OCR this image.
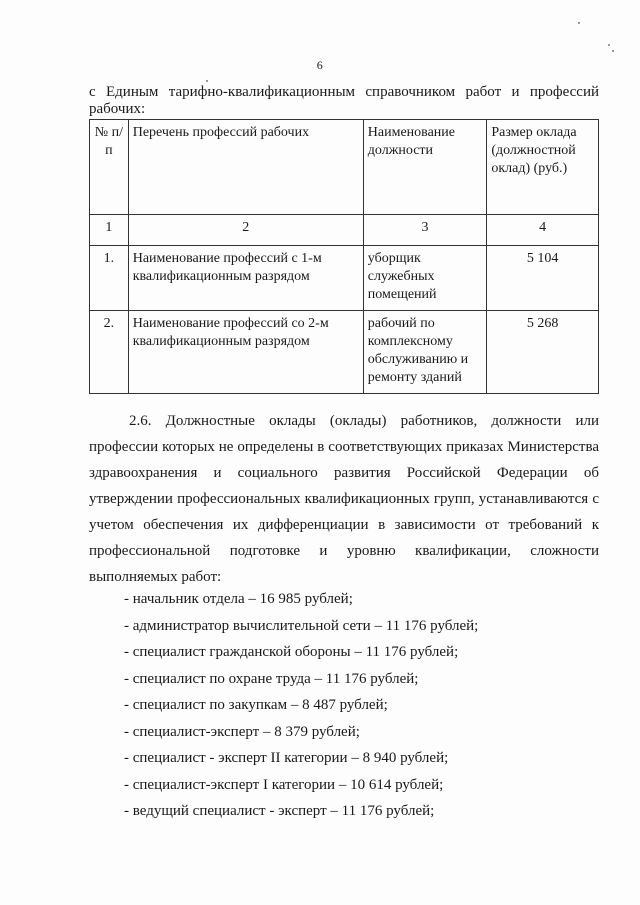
6
с Единым тарифно-квалификационным справочником работ и профессий рабочих:
№ п/п	Перечень профессий рабочих	Наименование должности	Размер оклада (должностной оклад) (руб.)
1	2	3	4
1.	Наименование профессий с 1-м квалификационным разрядом	уборщик служебных помещений	5 104
2.	Наименование профессий со 2-м квалификационным разрядом	рабочий по комплексному обслуживанию и ремонту зданий	5 268
2.6. Должностные оклады (оклады) работников, должности или профессии которых не определены в соответствующих приказах Министерства здравоохранения и социального развития Российской Федерации об утверждении профессиональных квалификационных групп, устанавливаются с учетом обеспечения их дифференциации в зависимости от требований к профессиональной подготовке и уровню квалификации, сложности выполняемых работ:
- начальник отдела – 16 985 рублей;
- администратор вычислительной сети – 11 176 рублей;
- специалист гражданской обороны – 11 176 рублей;
- специалист по охране труда – 11 176 рублей;
- специалист по закупкам – 8 487 рублей;
- специалист-эксперт – 8 379 рублей;
- специалист - эксперт II категории – 8 940 рублей;
- специалист-эксперт I категории – 10 614 рублей;
- ведущий специалист - эксперт – 11 176 рублей;
